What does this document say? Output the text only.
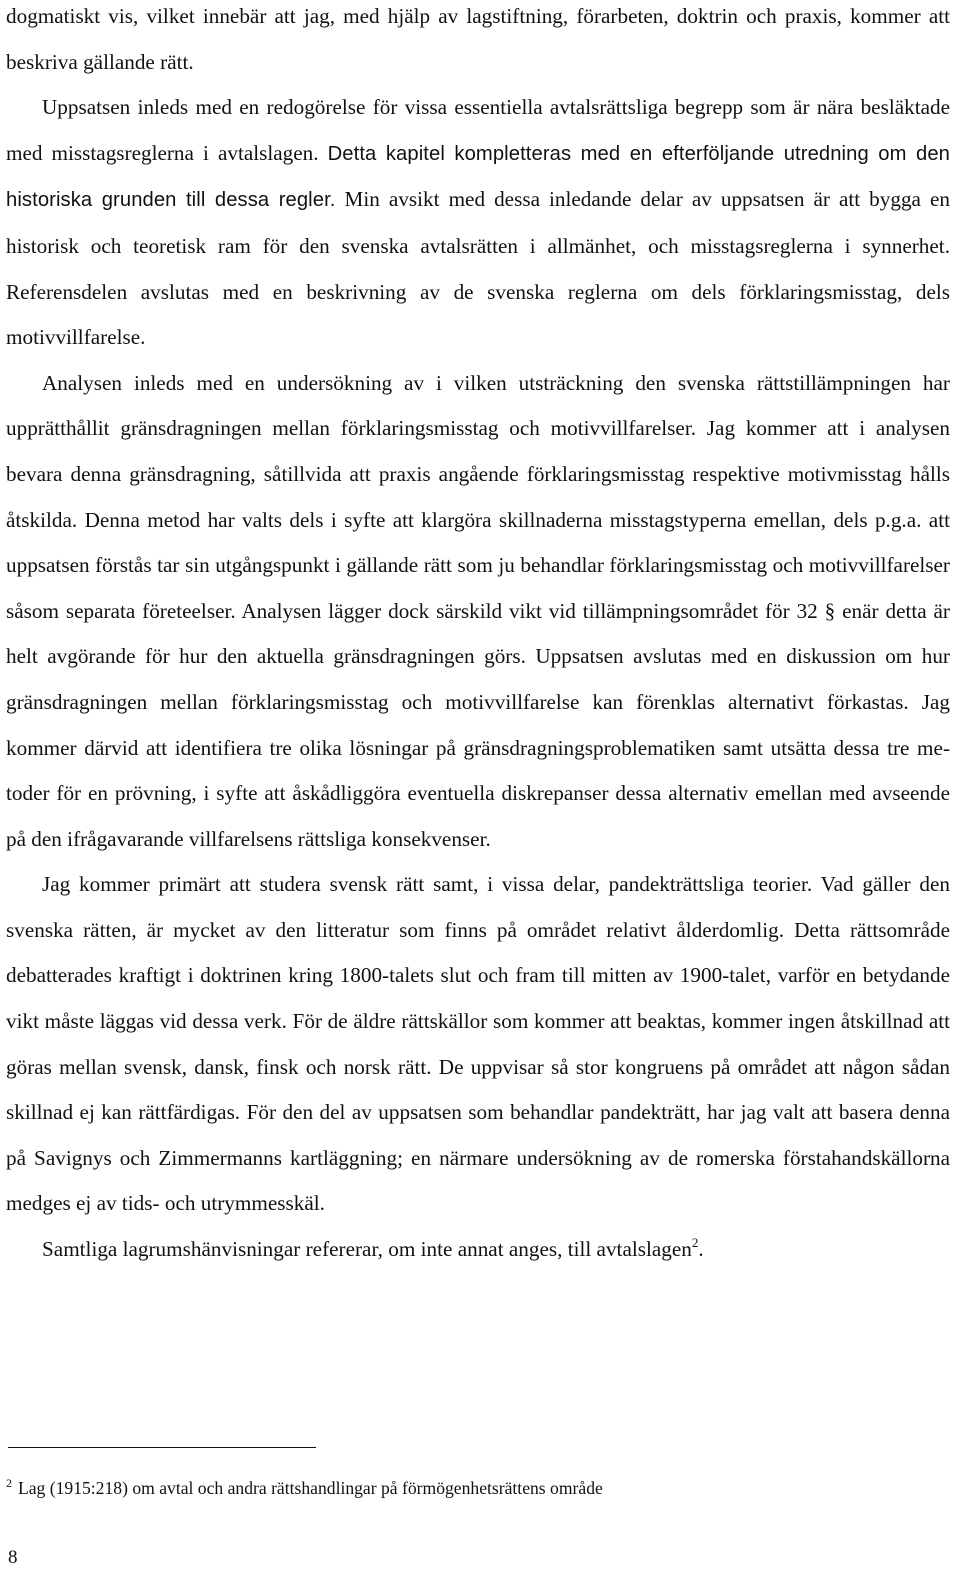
dogmatiskt vis, vilket innebär att jag, med hjälp av lagstiftning, förarbeten, doktrin och praxis, kommer att beskriva gällande rätt.

Uppsatsen inleds med en redogörelse för vissa essentiella avtalsrättsliga begrepp som är nära besläktade med misstagsreglerna i avtalslagen. Detta kapitel kompletteras med en efterföljande utredning om den historiska grunden till dessa regler. Min avsikt med dessa inledande delar av uppsatsen är att bygga en historisk och teoretisk ram för den svenska avtalsrätten i allmänhet, och misstagsreglerna i synnerhet. Referensdelen avslutas med en beskrivning av de svenska reglerna om dels förklaringsmisstag, dels motivvillfarelse.

Analysen inleds med en undersökning av i vilken utsträckning den svenska rättstillämpningen har upprätthållit gränsdragningen mellan förklaringsmisstag och motivvillfarelser. Jag kommer att i analysen bevara denna gränsdragning, såtillvida att praxis angående förklaringsmisstag respektive motivmisstag hålls åtskilda. Denna metod har valts dels i syfte att klargöra skillnaderna misstagstyperna emellan, dels p.g.a. att uppsatsen förstås tar sin utgångspunkt i gällande rätt som ju behandlar förklaringsmisstag och motivvillfarelser såsom separata företeelser. Analysen lägger dock särskild vikt vid tillämpningsområdet för 32 § enär detta är helt avgörande för hur den aktuella gränsdragningen görs. Uppsatsen avslutas med en diskussion om hur gränsdragningen mellan förklaringsmisstag och motivvillfarelse kan förenklas alternativt förkastas. Jag kommer därvid att identifiera tre olika lösningar på gränsdragningsproblematiken samt utsätta dessa tre metoder för en prövning, i syfte att åskådliggöra eventuella diskrepanser dessa alternativ emellan med avseende på den ifrågavarande villfarelsens rättsliga konsekvenser.

Jag kommer primärt att studera svensk rätt samt, i vissa delar, pandekträttsliga teorier. Vad gäller den svenska rätten, är mycket av den litteratur som finns på området relativt ålderdomlig. Detta rättsområde debatterades kraftigt i doktrinen kring 1800-talets slut och fram till mitten av 1900-talet, varför en betydande vikt måste läggas vid dessa verk. För de äldre rättskällor som kommer att beaktas, kommer ingen åtskillnad att göras mellan svensk, dansk, finsk och norsk rätt. De uppvisar så stor kongruens på området att någon sådan skillnad ej kan rättfärdigas. För den del av uppsatsen som behandlar pandekträtt, har jag valt att basera denna på Savignys och Zimmermanns kartläggning; en närmare undersökning av de romerska förstahandskällorna medges ej av tids- och utrymmesskäl.

Samtliga lagrumshänvisningar refererar, om inte annat anges, till avtalslagen$^2$.

$^2$ Lag (1915:218) om avtal och andra rättshandlingar på förmögenhetsrättens område
8
